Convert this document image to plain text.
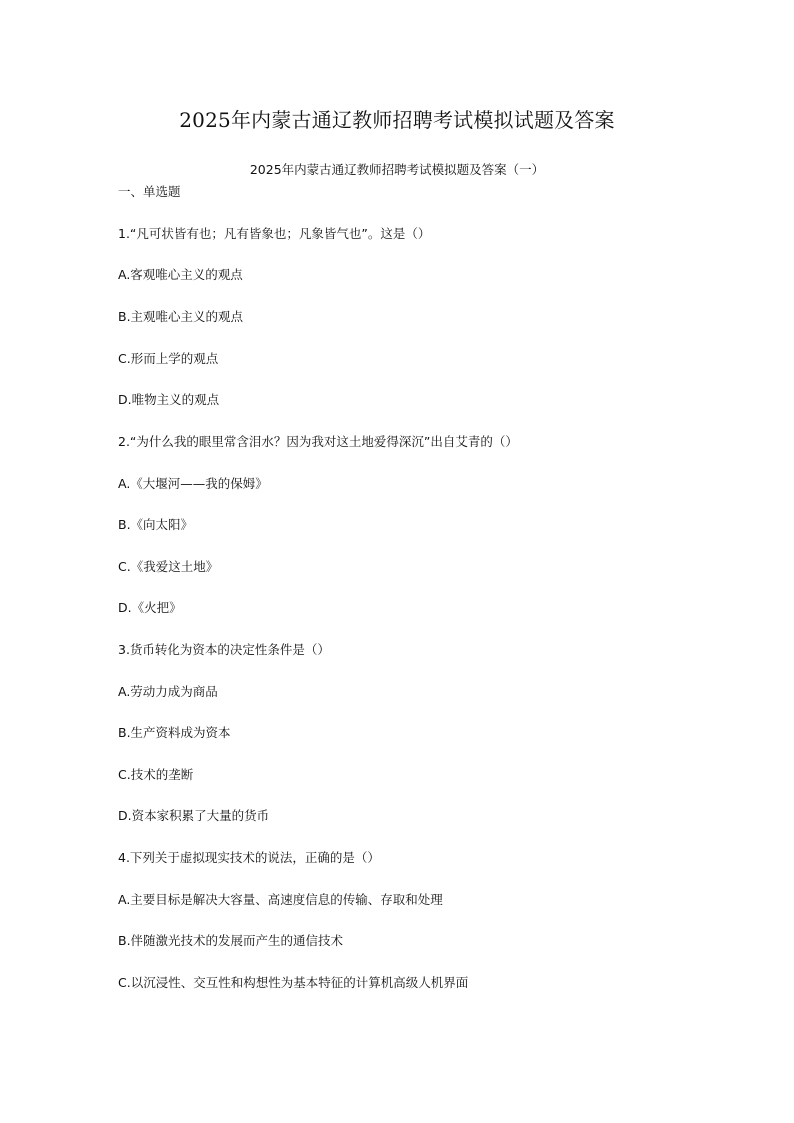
2025年内蒙古通辽教师招聘考试模拟试题及答案
2025年内蒙古通辽教师招聘考试模拟题及答案（一）
一、单选题
1.“凡可状皆有也；凡有皆象也；凡象皆气也”。这是（）
A.客观唯心主义的观点
B.主观唯心主义的观点
C.形而上学的观点
D.唯物主义的观点
2.“为什么我的眼里常含泪水？因为我对这土地爱得深沉”出自艾青的（）
A.《大堰河——我的保姆》
B.《向太阳》
C.《我爱这土地》
D.《火把》
3.货币转化为资本的决定性条件是（）
A.劳动力成为商品
B.生产资料成为资本
C.技术的垄断
D.资本家积累了大量的货币
4.下列关于虚拟现实技术的说法，正确的是（）
A.主要目标是解决大容量、高速度信息的传输、存取和处理
B.伴随激光技术的发展而产生的通信技术
C.以沉浸性、交互性和构想性为基本特征的计算机高级人机界面
